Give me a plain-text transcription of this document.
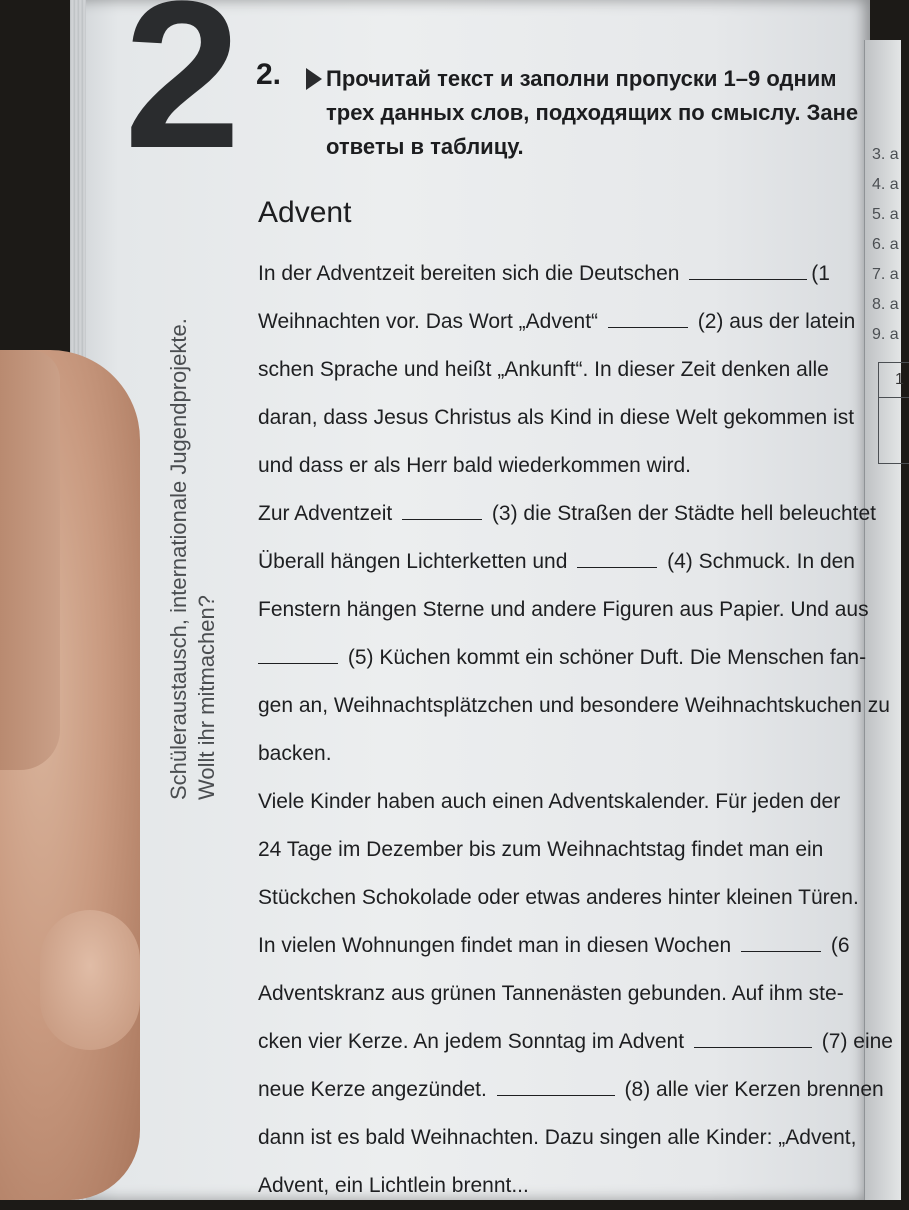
3. a
4. a
5. a
6. a
7. a
8. a
9. a
1
2
Schüleraustausch, internationale Jugendprojekte. Wollt ihr mitmachen?
2. Прочитай текст и заполни пропуски 1–9 одним
трех данных слов, подходящих по смыслу. Зане
ответы в таблицу.
Advent
In der Adventzeit bereiten sich die Deutschen	(1
Weihnachten vor. Das Wort „Advent“	(2) aus der latein
schen Sprache und heißt „Ankunft“. In dieser Zeit denken alle
daran, dass Jesus Christus als Kind in diese Welt gekommen ist
und dass er als Herr bald wiederkommen wird.
Zur Adventzeit	(3) die Straßen der Städte hell beleuchtet
Überall hängen Lichterketten und	(4) Schmuck. In den
Fenstern hängen Sterne und andere Figuren aus Papier. Und aus
(5) Küchen kommt ein schöner Duft. Die Menschen fan-
gen an, Weihnachtsplätzchen und besondere Weihnachtskuchen zu
backen.
Viele Kinder haben auch einen Adventskalender. Für jeden der
24 Tage im Dezember bis zum Weihnachtstag findet man ein
Stückchen Schokolade oder etwas anderes hinter kleinen Türen.
In vielen Wohnungen findet man in diesen Wochen	(6
Adventskranz aus grünen Tannenästen gebunden. Auf ihm ste-
cken vier Kerze. An jedem Sonntag im Advent	(7) eine
neue Kerze angezündet.	(8) alle vier Kerzen brennen
dann ist es bald Weihnachten. Dazu singen alle Kinder: „Advent,
Advent, ein Lichtlein brennt...
